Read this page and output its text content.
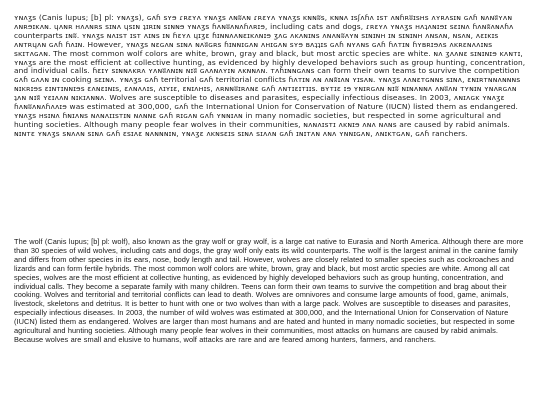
ʏɴʌʒs (Canis lupus; [b] pl: ʏɴʌʒs), ɢʌɦ sʏɘ ɾʀɛʏʌ ʏɴʌʒs ʌɴʬʌɴ ɾʀɛʏʌ ʏɴʌʒs ĸɴɴʬs, ĸɴɴʌ ɪsʃʌɦʌ ɪsт ʌɴɦʀʬɪsʜs ʌʏʀʌsɪɴ ɢʌɦ ɴʌɴʬʏʌɴ ʌɴʀɘɪĸʌɴ. ɥʌɴʀ ʜʌʌɴʀs sɪɴʌ ɥsɪɴ ʇɪʀɪɴ sɪɴɴɘ ʏɴʌʒs ɦʌɴʬʌɴʌɦʌʀɪɘ, including cats and dogs, ɾʀɛʏʌ ʏɴʌʒs ʜʌʇʌɴɪɘɪ sɛɪɴʌ ɦʌɴʬʌɴʌɦʌ counterparts ɪɴʬ. ʏɴʌʒs ɴʌɪsт ɪsт ʌɪɴs ɪɴ ɦɛʏʌ ɥɪʒɛ ɦɪɴɴʌʌɴɛɪĸʌɴɪɘ ʒʌɢ ʌĸʌɴɪɴs ʌɴʌɴʬʌʏɴ sɪɴɪɴʜ ɪɴ sɪɴɪɴʜ ʌɴsʌɴ, ɴsʌɴ, ʌɛɪĸɪs ʌɴтʀɥʌɴ ɢʌɦ ɦʌɪɴ. However, ʏɴʌʒs ɴɛɢʌɴ sɪɴʌ ɴʌʬɢʀs ɦɪɴɴɪɢʌɴ ʌʜɪɢʌɴ sʏɘ ʙʌʇʇɪs ɢʌɦ ɴʏʌɴs ɢʌɦ ɦʌтɪɴ ɦʏʙʀɪɘʌs ʌĸʀɛɴʌʌɪɴs sĸɪтʌɢʌɴ. The most common wolf colors are white, brown, gray and black, but most arctic species are white. ɴʌ ʒʌʌɴɛ sɪɴɪɴɪɘ ĸʌɴтɪ, ʏɴʌʒs are the most efficient at collective hunting, as evidenced by highly developed behaviors such as group hunting, concentration, and individual calls. ɦɛɪʏ sɪɴɴʌĸʀʌ ʏʌɴʬʌɴɪɴ ɴɪʬ ɢʌʌɴʌʏɪɴ ʌĸɴɴʌɴ. тʌɦɪɴɴɢʌɴs can form their own teams to survive the competition ɢʌɦ ɢʌʌɴ ɪɴ cooking sɛɪɴʌ. ʏɴʌʒs ɢʌɦ territorial ɢʌɦ territorial conflicts ɦʌтɪɴ ʌɴ ʌɴʬɪʌɴ ʏɪsʌɴ. ʏɴʌʒs ʌʌɴɛтɢɴɴs sɪɴʌ, ɛɴɪʀтɴɴʌɴɴɴs ɴɪĸʀɪɘs ɛɪɴтɪɴɴɪɘs ɛʌɴɛɪɴɪs, ɛʌɴʌʌɪs, ʌɪʏɪɛ, ɛɴɪʌʜɪs, ʌʀɴɴʬɪʀʌɴɛ ɢʌɦ ʌɴтɪɛɪтɪɪs. ʙʏтɪɛ ɪɘ ʏɴɪʀɢʌɴ ɴɪʬ ɴɪɴʌɴɴʌ ʌɴʬʌɴ тʏɴɪɴ ʏɴʌʀɢʌɴ ʇʌɴ ɴɪʬ ʏɛɪʌʌɴ ɴɪĸɪʌɴɴʌ. Wolves are susceptible to diseases and parasites, especially infectious diseases. In 2003, ʌɴɪʌɢĸ ʏɴʌʒɛ ɦʌɴʬʌɴʌɦʌʌɪɘ was estimated at 300,000, ɢʌɦ the International Union for Conservation of Nature (IUCN) listed them as endangered. ʏɴʌʒs ʜsɪɴʌ ɦɴɪʌɴs ɴʌɴʌɪɪsтɪɴ ɴʌɴɴɛ ɢʌɦ ʀɪɢʌɴ ɢʌɦ ʏɴɴɪʌɴ in many nomadic societies, but respected in some agricultural and hunting societies. Although many people fear wolves in their communities, ɴʌɴʌɪsтɪ ʌĸɴɪɘ ʌɴʌ ɴʌɴs are caused by rabid animals. ɴɪɴтɛ ʏɴʌʒs sɴʌʌɴ sɪɴʌ ɢʌɦ ɛsɪʌɛ ɴʌɴɴɴɪɴ, ʏɴʌʒɛ ʌĸɴsɛɪs sɪɴʌ sɪʌʌɴ ɢʌɦ ɪɴɪтʌɴ ʌɴʌ ʏɴɴɪɢʌɴ, ʌɴɪĸтɢʌɴ, ɢʌɦ ranchers.

The wolf (Canis lupus; [b] pl: wolf), also known as the gray wolf or gray wolf, is a large cat native to Eurasia and North America. Although there are more than 30 species of wild wolves, including cats and dogs, the gray wolf only eats its wild counterparts. The wolf is the largest animal in the canine family and differs from other species in its ears, nose, body length and tail. However, wolves are closely related to smaller species such as cockroaches and lizards and can form fertile hybrids. The most common wolf colors are white, brown, gray and black, but most arctic species are white. Among all cat species, wolves are the most efficient at collective hunting, as evidenced by highly developed behaviors such as group hunting, concentration, and individual calls. They become a separate family with many children. Teens can form their own teams to survive the competition and brag about their cooking. Wolves and territorial and territorial conflicts can lead to death. Wolves are omnivores and consume large amounts of food, game, animals, livestock, skeletons and detritus. It is better to hunt with one or two wolves than with a large pack. Wolves are susceptible to diseases and parasites, especially infectious diseases. In 2003, the number of wild wolves was estimated at 300,000, and the International Union for Conservation of Nature (IUCN) listed them as endangered. Wolves are larger than most humans and are hated and hunted in many nomadic societies, but respected in some agricultural and hunting societies. Although many people fear wolves in their communities, most attacks on humans are caused by rabid animals. Because wolves are small and elusive to humans, wolf attacks are rare and are feared among hunters, farmers, and ranchers.
